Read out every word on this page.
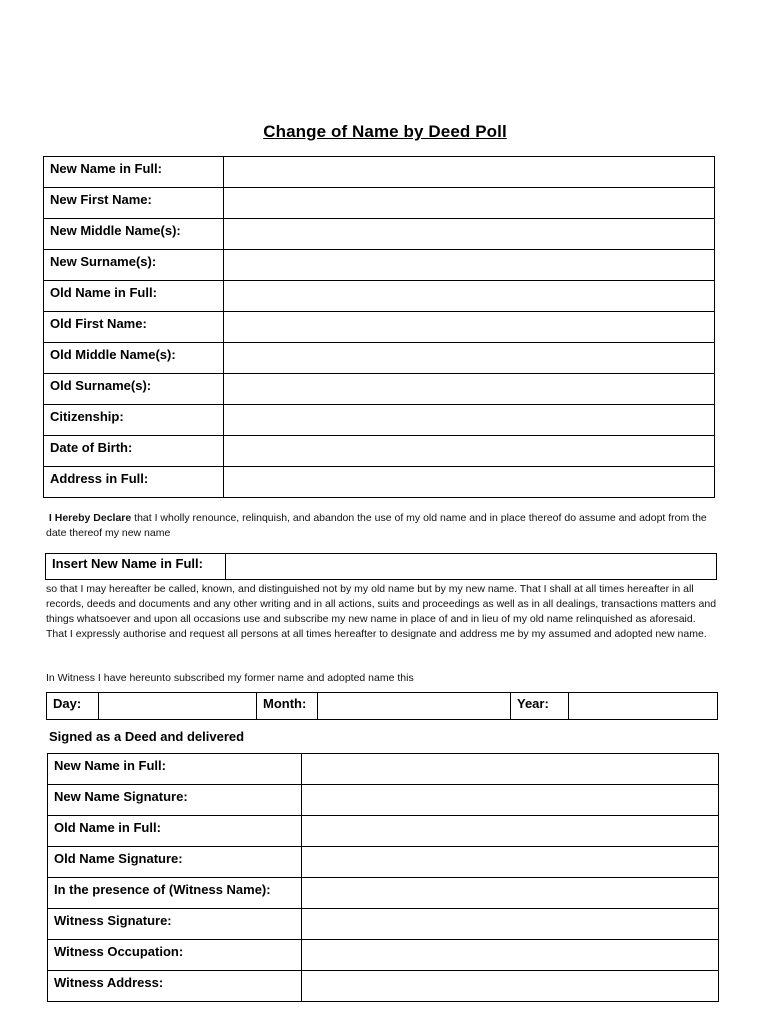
Change of Name by Deed Poll
New Name in Full:	
New First Name:	
New Middle Name(s):	
New Surname(s):	
Old Name in Full:	
Old First Name:	
Old Middle Name(s):	
Old Surname(s):	
Citizenship:	
Date of Birth:	
Address in Full:	
I Hereby Declare that I wholly renounce, relinquish, and abandon the use of my old name and in place thereof do assume and adopt from the date thereof my new name
Insert New Name in Full:	
so that I may hereafter be called, known, and distinguished not by my old name but by my new name. That I shall at all times hereafter in all records, deeds and documents and any other writing and in all actions, suits and proceedings as well as in all dealings, transactions matters and things whatsoever and upon all occasions use and subscribe my new name in place of and in lieu of my old name relinquished as aforesaid. That I expressly authorise and request all persons at all times hereafter to designate and address me by my assumed and adopted new name.
In Witness I have hereunto subscribed my former name and adopted name this
Day:		Month:		Year:	
Signed as a Deed and delivered
New Name in Full:	
New Name Signature:	
Old Name in Full:	
Old Name Signature:	
In the presence of (Witness Name):	
Witness Signature:	
Witness Occupation:	
Witness Address:	
